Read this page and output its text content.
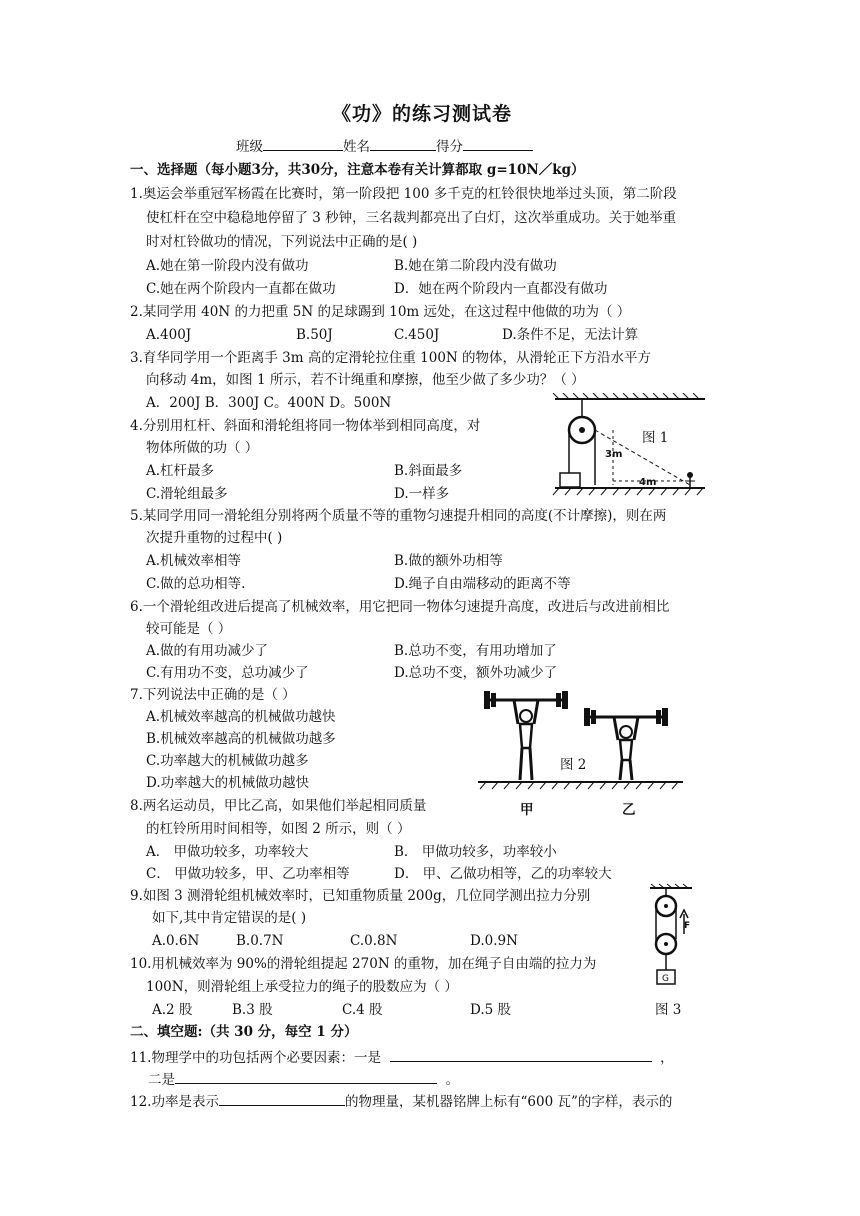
《功》的练习测试卷
班级	姓名	得分
一、选择题（每小题3分，共30分，注意本卷有关计算都取 g=10N／kg）
1.奥运会举重冠军杨霞在比赛时，第一阶段把 100 多千克的杠铃很快地举过头顶，第二阶段
使杠杆在空中稳稳地停留了 3 秒钟，三名裁判都亮出了白灯，这次举重成功。关于她举重
时对杠铃做功的情况，下列说法中正确的是( )
A.她在第一阶段内没有做功	B.她在第二阶段内没有做功
C.她在两个阶段内一直都在做功	D．她在两个阶段内一直都没有做功
2.某同学用 40N 的力把重 5N 的足球踢到 10m 远处，在这过程中他做的功为（ ）
A.400J	B.50J	C.450J	D.条件不足，无法计算
3.育华同学用一个距离手 3m 高的定滑轮拉住重 100N 的物体，从滑轮正下方沿水平方
向移动 4m，如图 1 所示，若不计绳重和摩擦，他至少做了多少功？（ ）
A．200J B．300J C。400N D。500N
4.分别用杠杆、斜面和滑轮组将同一物体举到相同高度，对
物体所做的功（ ）
A.杠杆最多	B.斜面最多
C.滑轮组最多	D.一样多
3m
4m
图 1
5.某同学用同一滑轮组分别将两个质量不等的重物匀速提升相同的高度(不计摩擦)，则在两
次提升重物的过程中( )
A.机械效率相等	B.做的额外功相等
C.做的总功相等.	D.绳子自由端移动的距离不等
6.一个滑轮组改进后提高了机械效率，用它把同一物体匀速提升高度，改进后与改进前相比
较可能是（ ）
A.做的有用功减少了	B.总功不变，有用功增加了
C.有用功不变，总功减少了	D.总功不变，额外功减少了
7.下列说法中正确的是（ ）
A.机械效率越高的机械做功越快
B.机械效率越高的机械做功越多
C.功率越大的机械做功越多
D.功率越大的机械做功越快
图 2
甲	乙
8.两名运动员，甲比乙高，如果他们举起相同质量
的杠铃所用时间相等，如图 2 所示，则（ ）
A． 甲做功较多，功率较大	B． 甲做功较多，功率较小
C． 甲做功较多，甲、乙功率相等	D． 甲、乙做功相等，乙的功率较大
9.如图 3 测滑轮组机械效率时，已知重物质量 200g，几位同学测出拉力分别
如下,其中肯定错误的是( )
A.0.6N	B.0.7N	C.0.8N	D.0.9N
F
G
图 3
10.用机械效率为 90%的滑轮组提起 270N 的重物，加在绳子自由端的拉力为
100N，则滑轮组上承受拉力的绳子的股数应为（ ）
A.2 股	B.3 股	C.4 股	D.5 股
二、填空题:（共 30 分，每空 1 分）
11.物理学中的功包括两个必要因素：一是	，
二是	。
12.功率是表示	的物理量，某机器铭牌上标有“600 瓦”的字样，表示的
